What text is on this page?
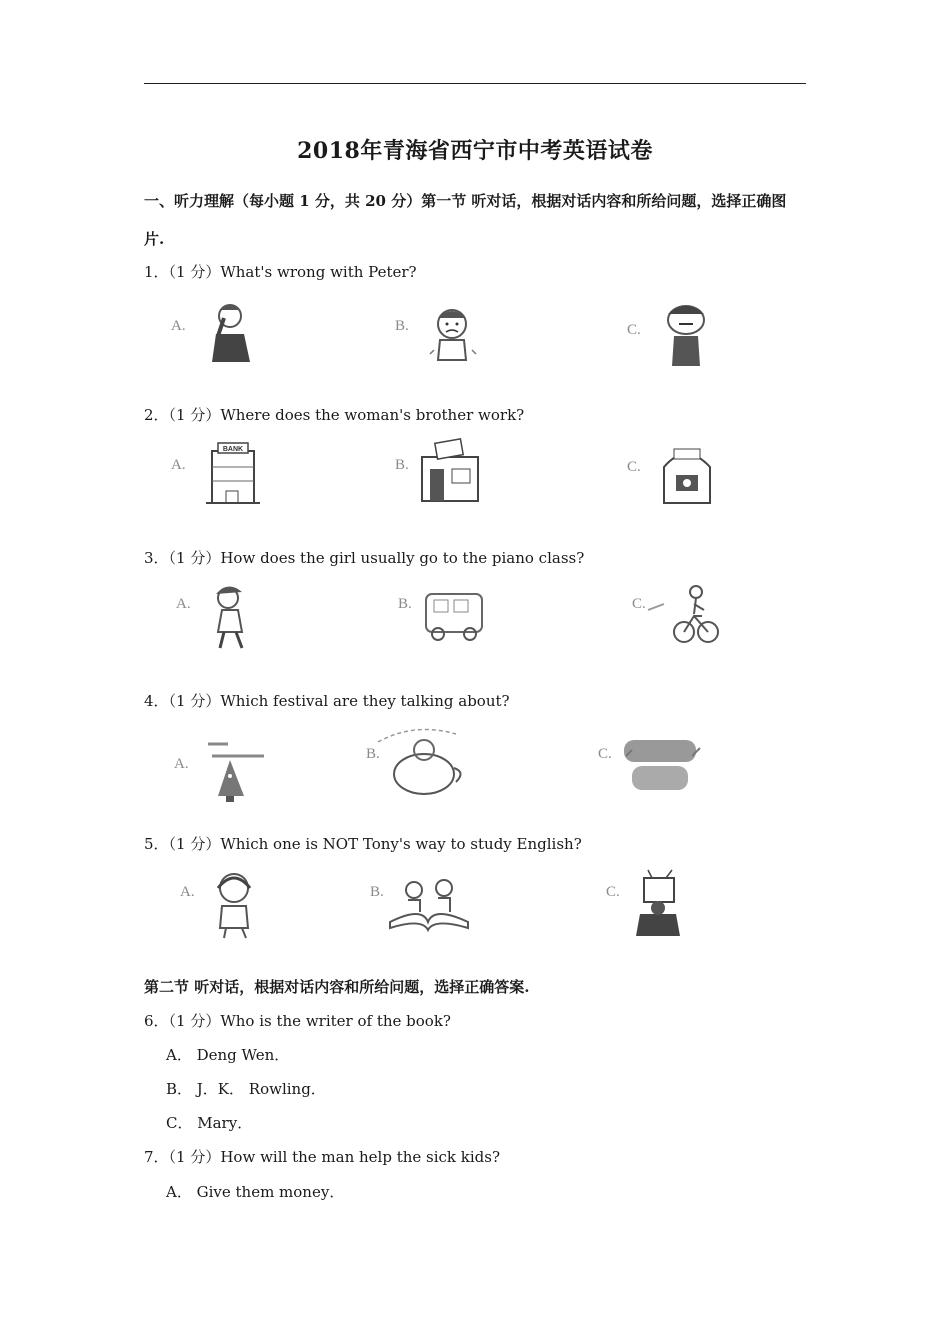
2018年青海省西宁市中考英语试卷
一、听力理解（每小题 1 分，共 20 分）第一节 听对话，根据对话内容和所给问题，选择正确图
片.
1．（1 分）What's wrong with Peter?
A.	B.	C.
2．（1 分）Where does the woman's brother work?
A.
BANK
B.	C.
3．（1 分）How does the girl usually go to the piano class?
A.	B.	C.
4．（1 分）Which festival are they talking about?
A.
B.	C.
5．（1 分）Which one is NOT Tony's way to study English?
A.	B.	C.
第二节 听对话，根据对话内容和所给问题，选择正确答案.
6．（1 分）Who is the writer of the book?
A． Deng Wen．
B． J．K． Rowling．
C． Mary．
7．（1 分）How will the man help the sick kids?
A． Give them money．
